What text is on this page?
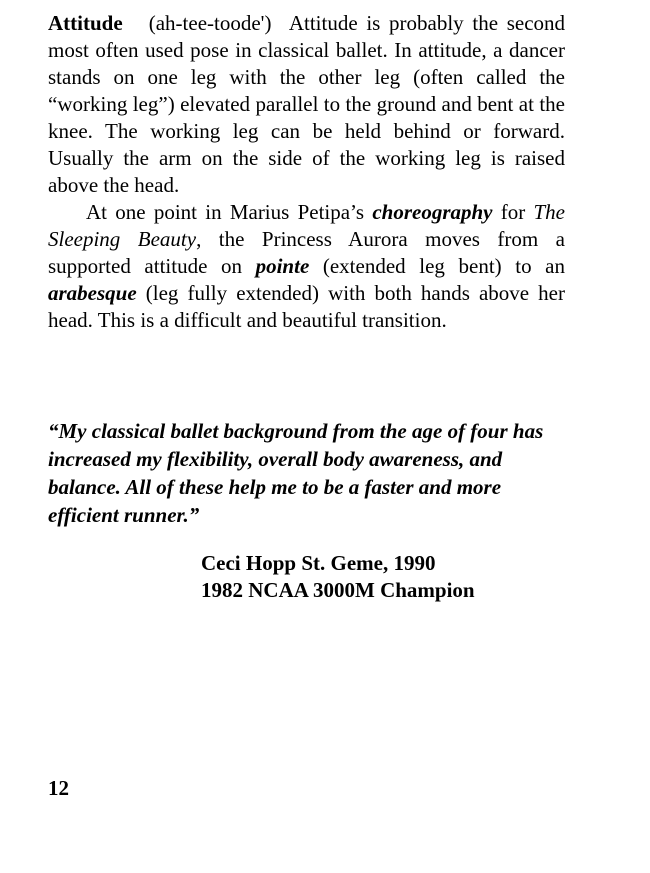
Attitude (ah-tee-toode') Attitude is probably the second most often used pose in classical ballet. In attitude, a dancer stands on one leg with the other leg (often called the “working leg”) elevated parallel to the ground and bent at the knee. The working leg can be held behind or forward. Usually the arm on the side of the working leg is raised above the head.

At one point in Marius Petipa’s choreography for The Sleeping Beauty, the Princess Aurora moves from a supported attitude on pointe (extended leg bent) to an arabesque (leg fully extended) with both hands above her head. This is a difficult and beautiful transition.

“My classical ballet background from the age of four has increased my flexibility, overall body awareness, and balance. All of these help me to be a faster and more efficient runner.”

Ceci Hopp St. Geme, 1990
1982 NCAA 3000M Champion
12
